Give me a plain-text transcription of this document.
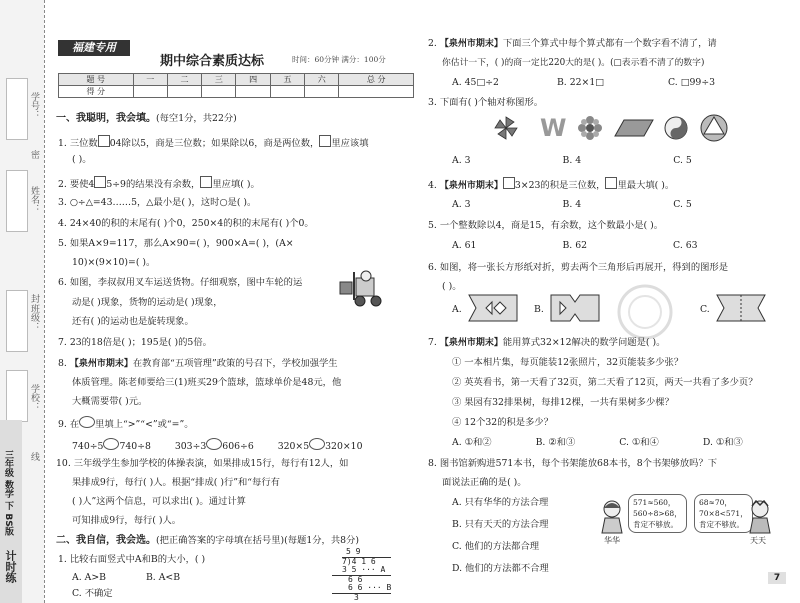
学号：
密
姓名：
封
班级：
学校：
线
三年级 数学 下 BS版
计时练
福建专用
期中综合素质达标	时间：60分钟 满分：100分
题 号	一	二	三	四	五	六	总 分
得 分							
一、我聪明，我会填。(每空1分，共22分)
1. 三位数 04除以5，商是三位数；如果除以6，商是两位数， 里应该填
( )。
2. 要使4 5÷9的结果没有余数， 里应填( )。
3. ○÷△=43……5，△最小是( )，这时○是( )。
4. 24×40的积的末尾有( )个0，250×4的积的末尾有( )个0。
5. 如果A×9=117，那么A×90=( )，900×A=( )，(A×
10)×(9×10)=( )。
6. 如图，李叔叔用叉车运送货物。仔细观察，图中车轮的运
动是( )现象，货物的运动是( )现象，
还有( )的运动也是旋转现象。
7. 23的18倍是( )；195是( )的5倍。
8. 【泉州市期末】在教育部“五项管理”政策的号召下，学校加强学生
体质管理。陈老师要给三(1)班买29个篮球，篮球单价是48元，他
大概需要带( )元。
9. 在 里填上“>”“<”或“=”。
740÷5 740÷8	303÷3 606÷6	320×5 320×10
10. 三年级学生参加学校的体操表演，如果排成15行，每行有12人，如
果排成9行，每行( )人。根据“排成( )行”和“每行有
( )人”这两个信息，可以求出( )。通过计算
可知排成9行，每行( )人。
二、我自信，我会选。(把正确答案的字母填在括号里)(每题1分，共8分)
1. 比较右面竖式中A和B的大小，( )
A. A>B	B. A<B
C. 不确定
5 9
7)4 1 6
3 5 ··· A
6 6
6 6 ··· B
3
2. 【泉州市期末】下面三个算式中每个算式都有一个数字看不清了，请
你估计一下，( )的商一定比220大的是( )。(□表示看不清了的数字)
A. 45□÷2	B. 22×1□	C. □99÷3
3. 下面有( )个轴对称图形。
W
A. 3	B. 4	C. 5
4. 【泉州市期末】 3×23的积是三位数， 里最大填( )。
A. 3	B. 4	C. 5
5. 一个整数除以4，商是15，有余数，这个数最小是( )。
A. 61	B. 62	C. 63
6. 如图，将一张长方形纸对折，剪去两个三角形后再展开，得到的图形是
( )。
A.	B.	C.
7. 【泉州市期末】能用算式32×12解决的数学问题是( )。
① 一本相片集，每页能装12张照片，32页能装多少张？
② 英英看书，第一天看了32页，第二天看了12页，两天一共看了多少页？
③ 果园有32排果树，每排12棵，一共有果树多少棵？
④ 12个32的积是多少？
A. ①和②	B. ②和③	C. ①和④	D. ①和③
8. 图书馆新购进571本书，每个书架能放68本书，8个书架够放吗？下
面说法正确的是( )。
A. 只有华华的方法合理
B. 只有天天的方法合理
C. 他们的方法都合理
D. 他们的方法都不合理
华华
571≈560，
560÷8>68，
肯定不够放。
68≈70，
70×8<571，
肯定不够放。
天天
7
